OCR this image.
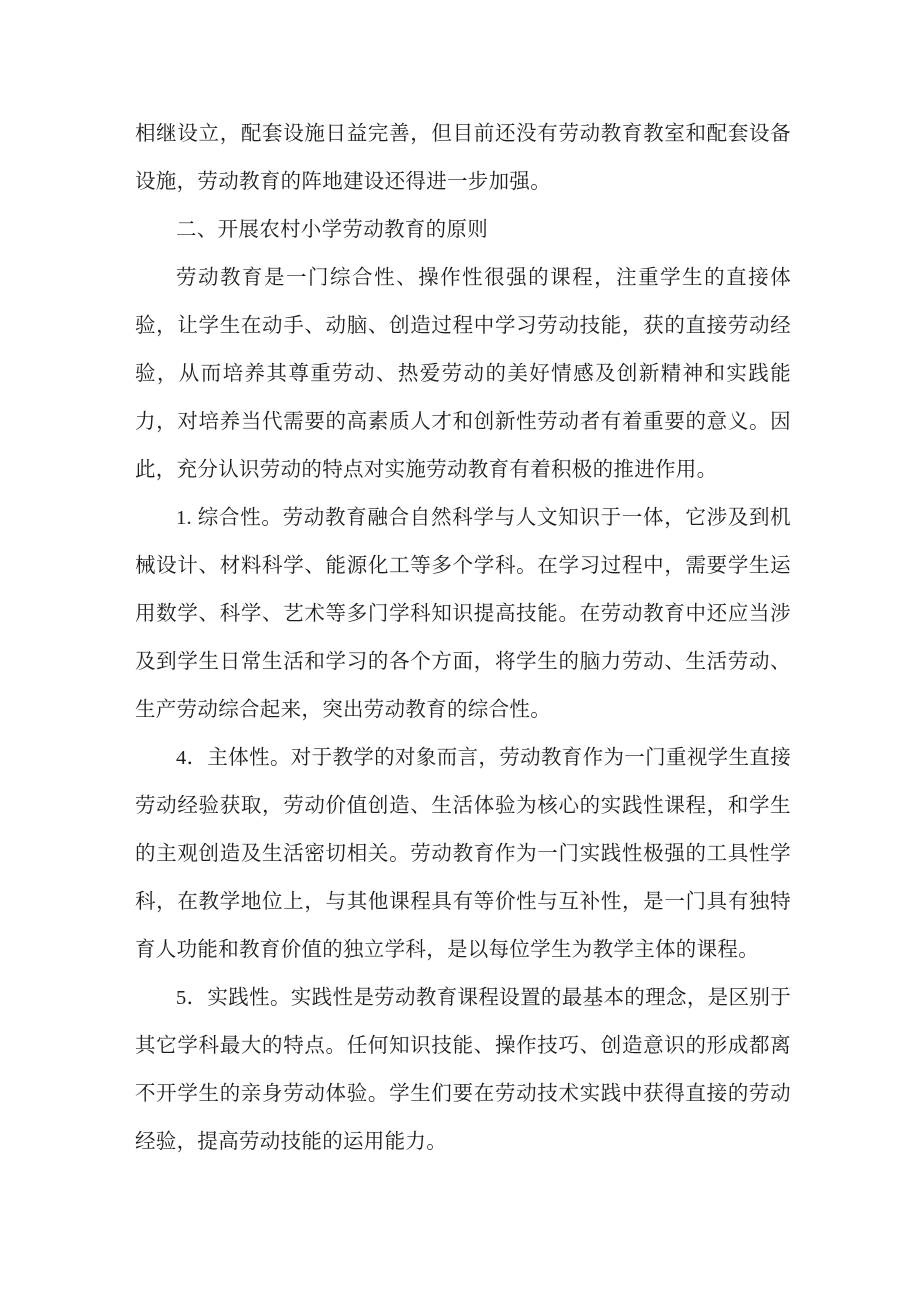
相继设立，配套设施日益完善，但目前还没有劳动教育教室和配套设备设施，劳动教育的阵地建设还得进一步加强。

二、开展农村小学劳动教育的原则

劳动教育是一门综合性、操作性很强的课程，注重学生的直接体验，让学生在动手、动脑、创造过程中学习劳动技能，获的直接劳动经验，从而培养其尊重劳动、热爱劳动的美好情感及创新精神和实践能力，对培养当代需要的高素质人才和创新性劳动者有着重要的意义。因此，充分认识劳动的特点对实施劳动教育有着积极的推进作用。

1. 综合性。劳动教育融合自然科学与人文知识于一体，它涉及到机械设计、材料科学、能源化工等多个学科。在学习过程中，需要学生运用数学、科学、艺术等多门学科知识提高技能。在劳动教育中还应当涉及到学生日常生活和学习的各个方面，将学生的脑力劳动、生活劳动、生产劳动综合起来，突出劳动教育的综合性。

4．主体性。对于教学的对象而言，劳动教育作为一门重视学生直接劳动经验获取，劳动价值创造、生活体验为核心的实践性课程，和学生的主观创造及生活密切相关。劳动教育作为一门实践性极强的工具性学科，在教学地位上，与其他课程具有等价性与互补性，是一门具有独特育人功能和教育价值的独立学科，是以每位学生为教学主体的课程。

5．实践性。实践性是劳动教育课程设置的最基本的理念，是区别于其它学科最大的特点。任何知识技能、操作技巧、创造意识的形成都离不开学生的亲身劳动体验。学生们要在劳动技术实践中获得直接的劳动经验，提高劳动技能的运用能力。
